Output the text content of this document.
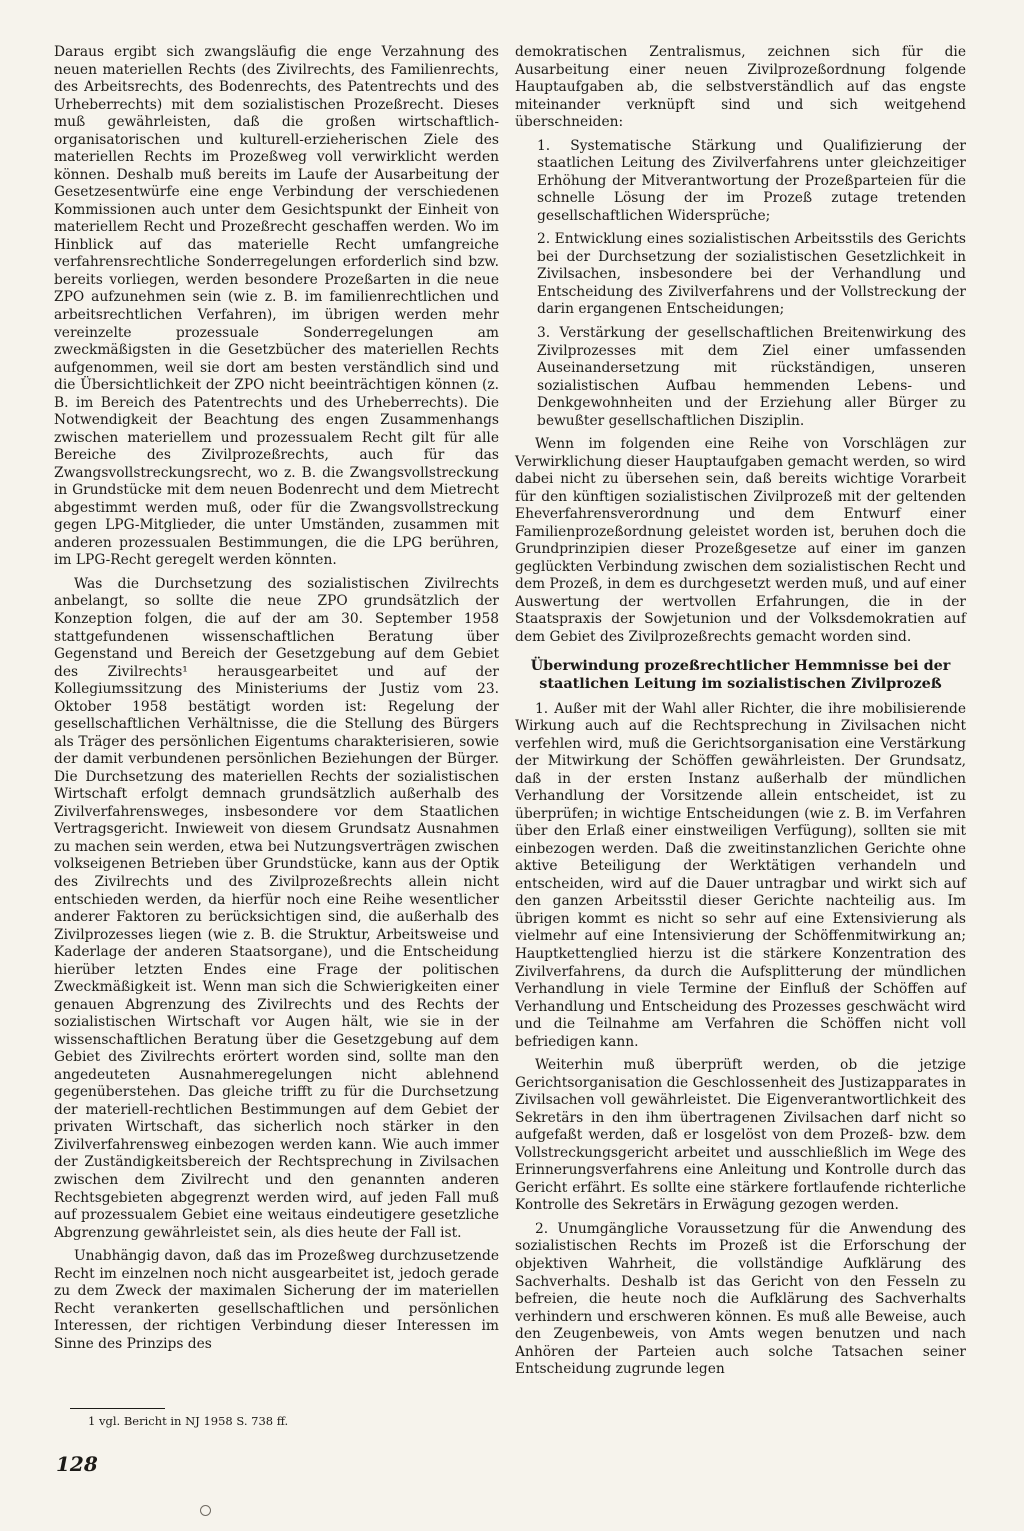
Daraus ergibt sich zwangsläufig die enge Verzahnung des neuen materiellen Rechts (des Zivilrechts, des Familienrechts, des Arbeitsrechts, des Bodenrechts, des Patentrechts und des Urheberrechts) mit dem sozialistischen Prozeßrecht. Dieses muß gewährleisten, daß die großen wirtschaftlich-organisatorischen und kulturell-erzieherischen Ziele des materiellen Rechts im Prozeßweg voll verwirklicht werden können. Deshalb muß bereits im Laufe der Ausarbeitung der Gesetzesentwürfe eine enge Verbindung der verschiedenen Kommissionen auch unter dem Gesichtspunkt der Einheit von materiellem Recht und Prozeßrecht geschaffen werden. Wo im Hinblick auf das materielle Recht umfangreiche verfahrensrechtliche Sonderregelungen erforderlich sind bzw. bereits vorliegen, werden besondere Prozeßarten in die neue ZPO aufzunehmen sein (wie z. B. im familienrechtlichen und arbeitsrechtlichen Verfahren), im übrigen werden mehr vereinzelte prozessuale Sonderregelungen am zweckmäßigsten in die Gesetzbücher des materiellen Rechts aufgenommen, weil sie dort am besten verständlich sind und die Übersichtlichkeit der ZPO nicht beeinträchtigen können (z. B. im Bereich des Patentrechts und des Urheberrechts). Die Notwendigkeit der Beachtung des engen Zusammenhangs zwischen materiellem und prozessualem Recht gilt für alle Bereiche des Zivilprozeßrechts, auch für das Zwangsvollstreckungsrecht, wo z. B. die Zwangsvollstreckung in Grundstücke mit dem neuen Bodenrecht und dem Mietrecht abgestimmt werden muß, oder für die Zwangsvollstreckung gegen LPG-Mitglieder, die unter Umständen, zusammen mit anderen prozessualen Bestimmungen, die die LPG berühren, im LPG-Recht geregelt werden könnten.

Was die Durchsetzung des sozialistischen Zivilrechts anbelangt, so sollte die neue ZPO grundsätzlich der Konzeption folgen, die auf der am 30. September 1958 stattgefundenen wissenschaftlichen Beratung über Gegenstand und Bereich der Gesetzgebung auf dem Gebiet des Zivilrechts¹ herausgearbeitet und auf der Kollegiumssitzung des Ministeriums der Justiz vom 23. Oktober 1958 bestätigt worden ist: Regelung der gesellschaftlichen Verhältnisse, die die Stellung des Bürgers als Träger des persönlichen Eigentums charakterisieren, sowie der damit verbundenen persönlichen Beziehungen der Bürger. Die Durchsetzung des materiellen Rechts der sozialistischen Wirtschaft erfolgt demnach grundsätzlich außerhalb des Zivilverfahrensweges, insbesondere vor dem Staatlichen Vertragsgericht. Inwieweit von diesem Grundsatz Ausnahmen zu machen sein werden, etwa bei Nutzungsverträgen zwischen volkseigenen Betrieben über Grundstücke, kann aus der Optik des Zivilrechts und des Zivilprozeßrechts allein nicht entschieden werden, da hierfür noch eine Reihe wesentlicher anderer Faktoren zu berücksichtigen sind, die außerhalb des Zivilprozesses liegen (wie z. B. die Struktur, Arbeitsweise und Kaderlage der anderen Staatsorgane), und die Entscheidung hierüber letzten Endes eine Frage der politischen Zweckmäßigkeit ist. Wenn man sich die Schwierigkeiten einer genauen Abgrenzung des Zivilrechts und des Rechts der sozialistischen Wirtschaft vor Augen hält, wie sie in der wissenschaftlichen Beratung über die Gesetzgebung auf dem Gebiet des Zivilrechts erörtert worden sind, sollte man den angedeuteten Ausnahmeregelungen nicht ablehnend gegenüberstehen. Das gleiche trifft zu für die Durchsetzung der materiell-rechtlichen Bestimmungen auf dem Gebiet der privaten Wirtschaft, das sicherlich noch stärker in den Zivilverfahrensweg einbezogen werden kann. Wie auch immer der Zuständigkeitsbereich der Rechtsprechung in Zivilsachen zwischen dem Zivilrecht und den genannten anderen Rechtsgebieten abgegrenzt werden wird, auf jeden Fall muß auf prozessualem Gebiet eine weitaus eindeutigere gesetzliche Abgrenzung gewährleistet sein, als dies heute der Fall ist.

Unabhängig davon, daß das im Prozeßweg durchzusetzende Recht im einzelnen noch nicht ausgearbeitet ist, jedoch gerade zu dem Zweck der maximalen Sicherung der im materiellen Recht verankerten gesellschaftlichen und persönlichen Interessen, der richtigen Verbindung dieser Interessen im Sinne des Prinzips des

demokratischen Zentralismus, zeichnen sich für die Ausarbeitung einer neuen Zivilprozeßordnung folgende Hauptaufgaben ab, die selbstverständlich auf das engste miteinander verknüpft sind und sich weitgehend überschneiden:

1. Systematische Stärkung und Qualifizierung der staatlichen Leitung des Zivilverfahrens unter gleichzeitiger Erhöhung der Mitverantwortung der Prozeßparteien für die schnelle Lösung der im Prozeß zutage tretenden gesellschaftlichen Widersprüche;

2. Entwicklung eines sozialistischen Arbeitsstils des Gerichts bei der Durchsetzung der sozialistischen Gesetzlichkeit in Zivilsachen, insbesondere bei der Verhandlung und Entscheidung des Zivilverfahrens und der Vollstreckung der darin ergangenen Entscheidungen;

3. Verstärkung der gesellschaftlichen Breitenwirkung des Zivilprozesses mit dem Ziel einer umfassenden Auseinandersetzung mit rückständigen, unseren sozialistischen Aufbau hemmenden Lebens- und Denkgewohnheiten und der Erziehung aller Bürger zu bewußter gesellschaftlichen Disziplin.

Wenn im folgenden eine Reihe von Vorschlägen zur Verwirklichung dieser Hauptaufgaben gemacht werden, so wird dabei nicht zu übersehen sein, daß bereits wichtige Vorarbeit für den künftigen sozialistischen Zivilprozeß mit der geltenden Eheverfahrensverordnung und dem Entwurf einer Familienprozeßordnung geleistet worden ist, beruhen doch die Grundprinzipien dieser Prozeßgesetze auf einer im ganzen geglückten Verbindung zwischen dem sozialistischen Recht und dem Prozeß, in dem es durchgesetzt werden muß, und auf einer Auswertung der wertvollen Erfahrungen, die in der Staatspraxis der Sowjetunion und der Volksdemokratien auf dem Gebiet des Zivilprozeßrechts gemacht worden sind.

Überwindung prozeßrechtlicher Hemmnisse bei der staatlichen Leitung im sozialistischen Zivilprozeß

1. Außer mit der Wahl aller Richter, die ihre mobilisierende Wirkung auch auf die Rechtsprechung in Zivilsachen nicht verfehlen wird, muß die Gerichtsorganisation eine Verstärkung der Mitwirkung der Schöffen gewährleisten. Der Grundsatz, daß in der ersten Instanz außerhalb der mündlichen Verhandlung der Vorsitzende allein entscheidet, ist zu überprüfen; in wichtige Entscheidungen (wie z. B. im Verfahren über den Erlaß einer einstweiligen Verfügung), sollten sie mit einbezogen werden. Daß die zweitinstanzlichen Gerichte ohne aktive Beteiligung der Werktätigen verhandeln und entscheiden, wird auf die Dauer untragbar und wirkt sich auf den ganzen Arbeitsstil dieser Gerichte nachteilig aus. Im übrigen kommt es nicht so sehr auf eine Extensivierung als vielmehr auf eine Intensivierung der Schöffenmitwirkung an; Hauptkettenglied hierzu ist die stärkere Konzentration des Zivilverfahrens, da durch die Aufsplitterung der mündlichen Verhandlung in viele Termine der Einfluß der Schöffen auf Verhandlung und Entscheidung des Prozesses geschwächt wird und die Teilnahme am Verfahren die Schöffen nicht voll befriedigen kann.

Weiterhin muß überprüft werden, ob die jetzige Gerichtsorganisation die Geschlossenheit des Justizapparates in Zivilsachen voll gewährleistet. Die Eigenverantwortlichkeit des Sekretärs in den ihm übertragenen Zivilsachen darf nicht so aufgefaßt werden, daß er losgelöst von dem Prozeß- bzw. dem Vollstreckungsgericht arbeitet und ausschließlich im Wege des Erinnerungsverfahrens eine Anleitung und Kontrolle durch das Gericht erfährt. Es sollte eine stärkere fortlaufende richterliche Kontrolle des Sekretärs in Erwägung gezogen werden.

2. Unumgängliche Voraussetzung für die Anwendung des sozialistischen Rechts im Prozeß ist die Erforschung der objektiven Wahrheit, die vollständige Aufklärung des Sachverhalts. Deshalb ist das Gericht von den Fesseln zu befreien, die heute noch die Aufklärung des Sachverhalts verhindern und erschweren können. Es muß alle Beweise, auch den Zeugenbeweis, von Amts wegen benutzen und nach Anhören der Parteien auch solche Tatsachen seiner Entscheidung zugrunde legen

1 vgl. Bericht in NJ 1958 S. 738 ff.
128
